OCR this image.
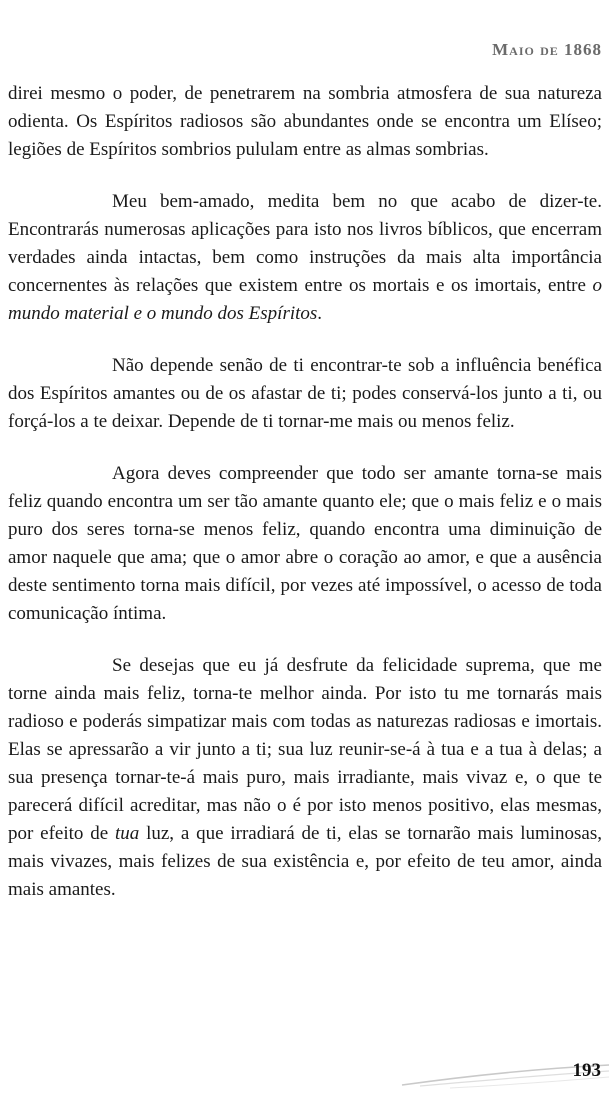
Maio de 1868

direi mesmo o poder, de penetrarem na sombria atmosfera de sua natureza odienta. Os Espíritos radiosos são abundantes onde se encontra um Elíseo; legiões de Espíritos sombrios pululam entre as almas sombrias.

Meu bem-amado, medita bem no que acabo de dizer-te. Encontrarás numerosas aplicações para isto nos livros bíblicos, que encerram verdades ainda intactas, bem como instruções da mais alta importância concernentes às relações que existem entre os mortais e os imortais, entre o mundo material e o mundo dos Espíritos.

Não depende senão de ti encontrar-te sob a influência benéfica dos Espíritos amantes ou de os afastar de ti; podes conservá-los junto a ti, ou forçá-los a te deixar. Depende de ti tornar-me mais ou menos feliz.

Agora deves compreender que todo ser amante torna-se mais feliz quando encontra um ser tão amante quanto ele; que o mais feliz e o mais puro dos seres torna-se menos feliz, quando encontra uma diminuição de amor naquele que ama; que o amor abre o coração ao amor, e que a ausência deste sentimento torna mais difícil, por vezes até impossível, o acesso de toda comunicação íntima.

Se desejas que eu já desfrute da felicidade suprema, que me torne ainda mais feliz, torna-te melhor ainda. Por isto tu me tornarás mais radioso e poderás simpatizar mais com todas as naturezas radiosas e imortais. Elas se apressarão a vir junto a ti; sua luz reunir-se-á à tua e a tua à delas; a sua presença tornar-te-á mais puro, mais irradiante, mais vivaz e, o que te parecerá difícil acreditar, mas não o é por isto menos positivo, elas mesmas, por efeito de tua luz, a que irradiará de ti, elas se tornarão mais luminosas, mais vivazes, mais felizes de sua existência e, por efeito de teu amor, ainda mais amantes.

193
